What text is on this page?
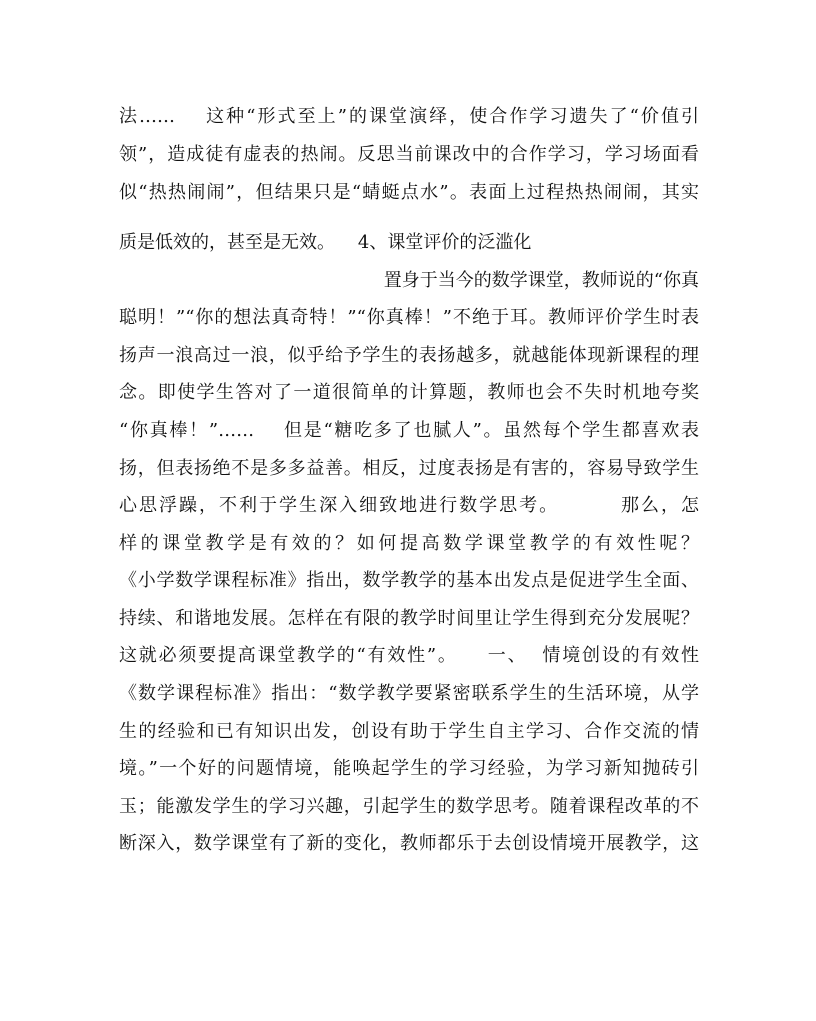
法……    这种“形式至上”的课堂演绎，使合作学习遗失了“价值引
领”，造成徒有虚表的热闹。反思当前课改中的合作学习，学习场面看
似“热热闹闹”，但结果只是“蜻蜓点水”。表面上过程热热闹闹，其实
质是低效的，甚至是无效。    4、课堂评价的泛滥化
置身于当今的数学课堂，教师说的“你真
聪明！”“你的想法真奇特！”“你真棒！”不绝于耳。教师评价学生时表
扬声一浪高过一浪，似乎给予学生的表扬越多，就越能体现新课程的理
念。即使学生答对了一道很简单的计算题，教师也会不失时机地夸奖
“你真棒！”……    但是“糖吃多了也腻人”。虽然每个学生都喜欢表
扬，但表扬绝不是多多益善。相反，过度表扬是有害的，容易导致学生
心思浮躁，不利于学生深入细致地进行数学思考。        那么，怎
样的课堂教学是有效的？如何提高数学课堂教学的有效性呢？
《小学数学课程标准》指出，数学教学的基本出发点是促进学生全面、
持续、和谐地发展。怎样在有限的教学时间里让学生得到充分发展呢？
这就必须要提高课堂教学的“有效性”。    一、  情境创设的有效性
《数学课程标准》指出：“数学教学要紧密联系学生的生活环境，从学
生的经验和已有知识出发，创设有助于学生自主学习、合作交流的情
境。”一个好的问题情境，能唤起学生的学习经验，为学习新知抛砖引
玉；能激发学生的学习兴趣，引起学生的数学思考。随着课程改革的不
断深入，数学课堂有了新的变化，教师都乐于去创设情境开展教学，这
